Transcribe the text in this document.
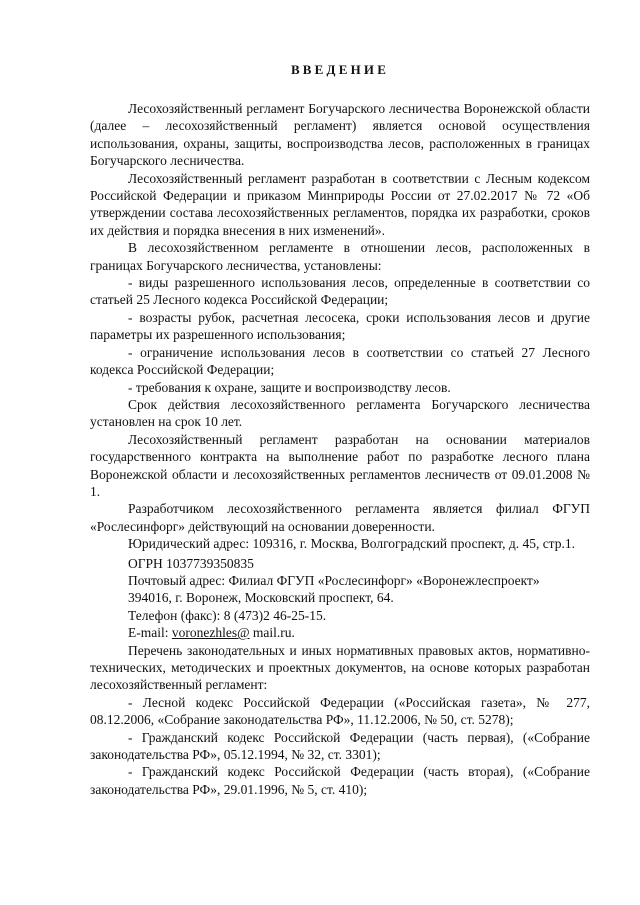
ВВЕДЕНИЕ

Лесохозяйственный регламент Богучарского лесничества Воронежской области (далее – лесохозяйственный регламент) является основой осуществления использования, охраны, защиты, воспроизводства лесов, расположенных в границах Богучарского лесничества.

Лесохозяйственный регламент разработан в соответствии с Лесным кодексом Российской Федерации и приказом Минприроды России от 27.02.2017 № 72 «Об утверждении состава лесохозяйственных регламентов, порядка их разработки, сроков их действия и порядка внесения в них изменений».

В лесохозяйственном регламенте в отношении лесов, расположенных в границах Богучарского лесничества, установлены:

- виды разрешенного использования лесов, определенные в соответствии со статьей 25 Лесного кодекса Российской Федерации;

- возрасты рубок, расчетная лесосека, сроки использования лесов и другие параметры их разрешенного использования;

- ограничение использования лесов в соответствии со статьей 27 Лесного кодекса Российской Федерации;

- требования к охране, защите и воспроизводству лесов.

Срок действия лесохозяйственного регламента Богучарского лесничества установлен на срок 10 лет.

Лесохозяйственный регламент разработан на основании материалов государственного контракта на выполнение работ по разработке лесного плана Воронежской области и лесохозяйственных регламентов лесничеств от 09.01.2008 № 1.

Разработчиком лесохозяйственного регламента является филиал ФГУП «Рослесинфорг» действующий на основании доверенности.

Юридический адрес: 109316, г. Москва, Волгоградский проспект, д. 45, стр.1.

ОГРН 1037739350835

Почтовый адрес: Филиал ФГУП «Рослесинфорг» «Воронежлеспроект»

394016, г. Воронеж, Московский проспект, 64.

Телефон (факс): 8 (473)2 46-25-15.

E-mail: voronezhles@ mail.ru.

Перечень законодательных и иных нормативных правовых актов, нормативно-технических, методических и проектных документов, на основе которых разработан лесохозяйственный регламент:

- Лесной кодекс Российской Федерации («Российская газета», № 277, 08.12.2006, «Собрание законодательства РФ», 11.12.2006, № 50, ст. 5278);

- Гражданский кодекс Российской Федерации (часть первая), («Собрание законодательства РФ», 05.12.1994, № 32, ст. 3301);

- Гражданский кодекс Российской Федерации (часть вторая), («Собрание законодательства РФ», 29.01.1996, № 5, ст. 410);
